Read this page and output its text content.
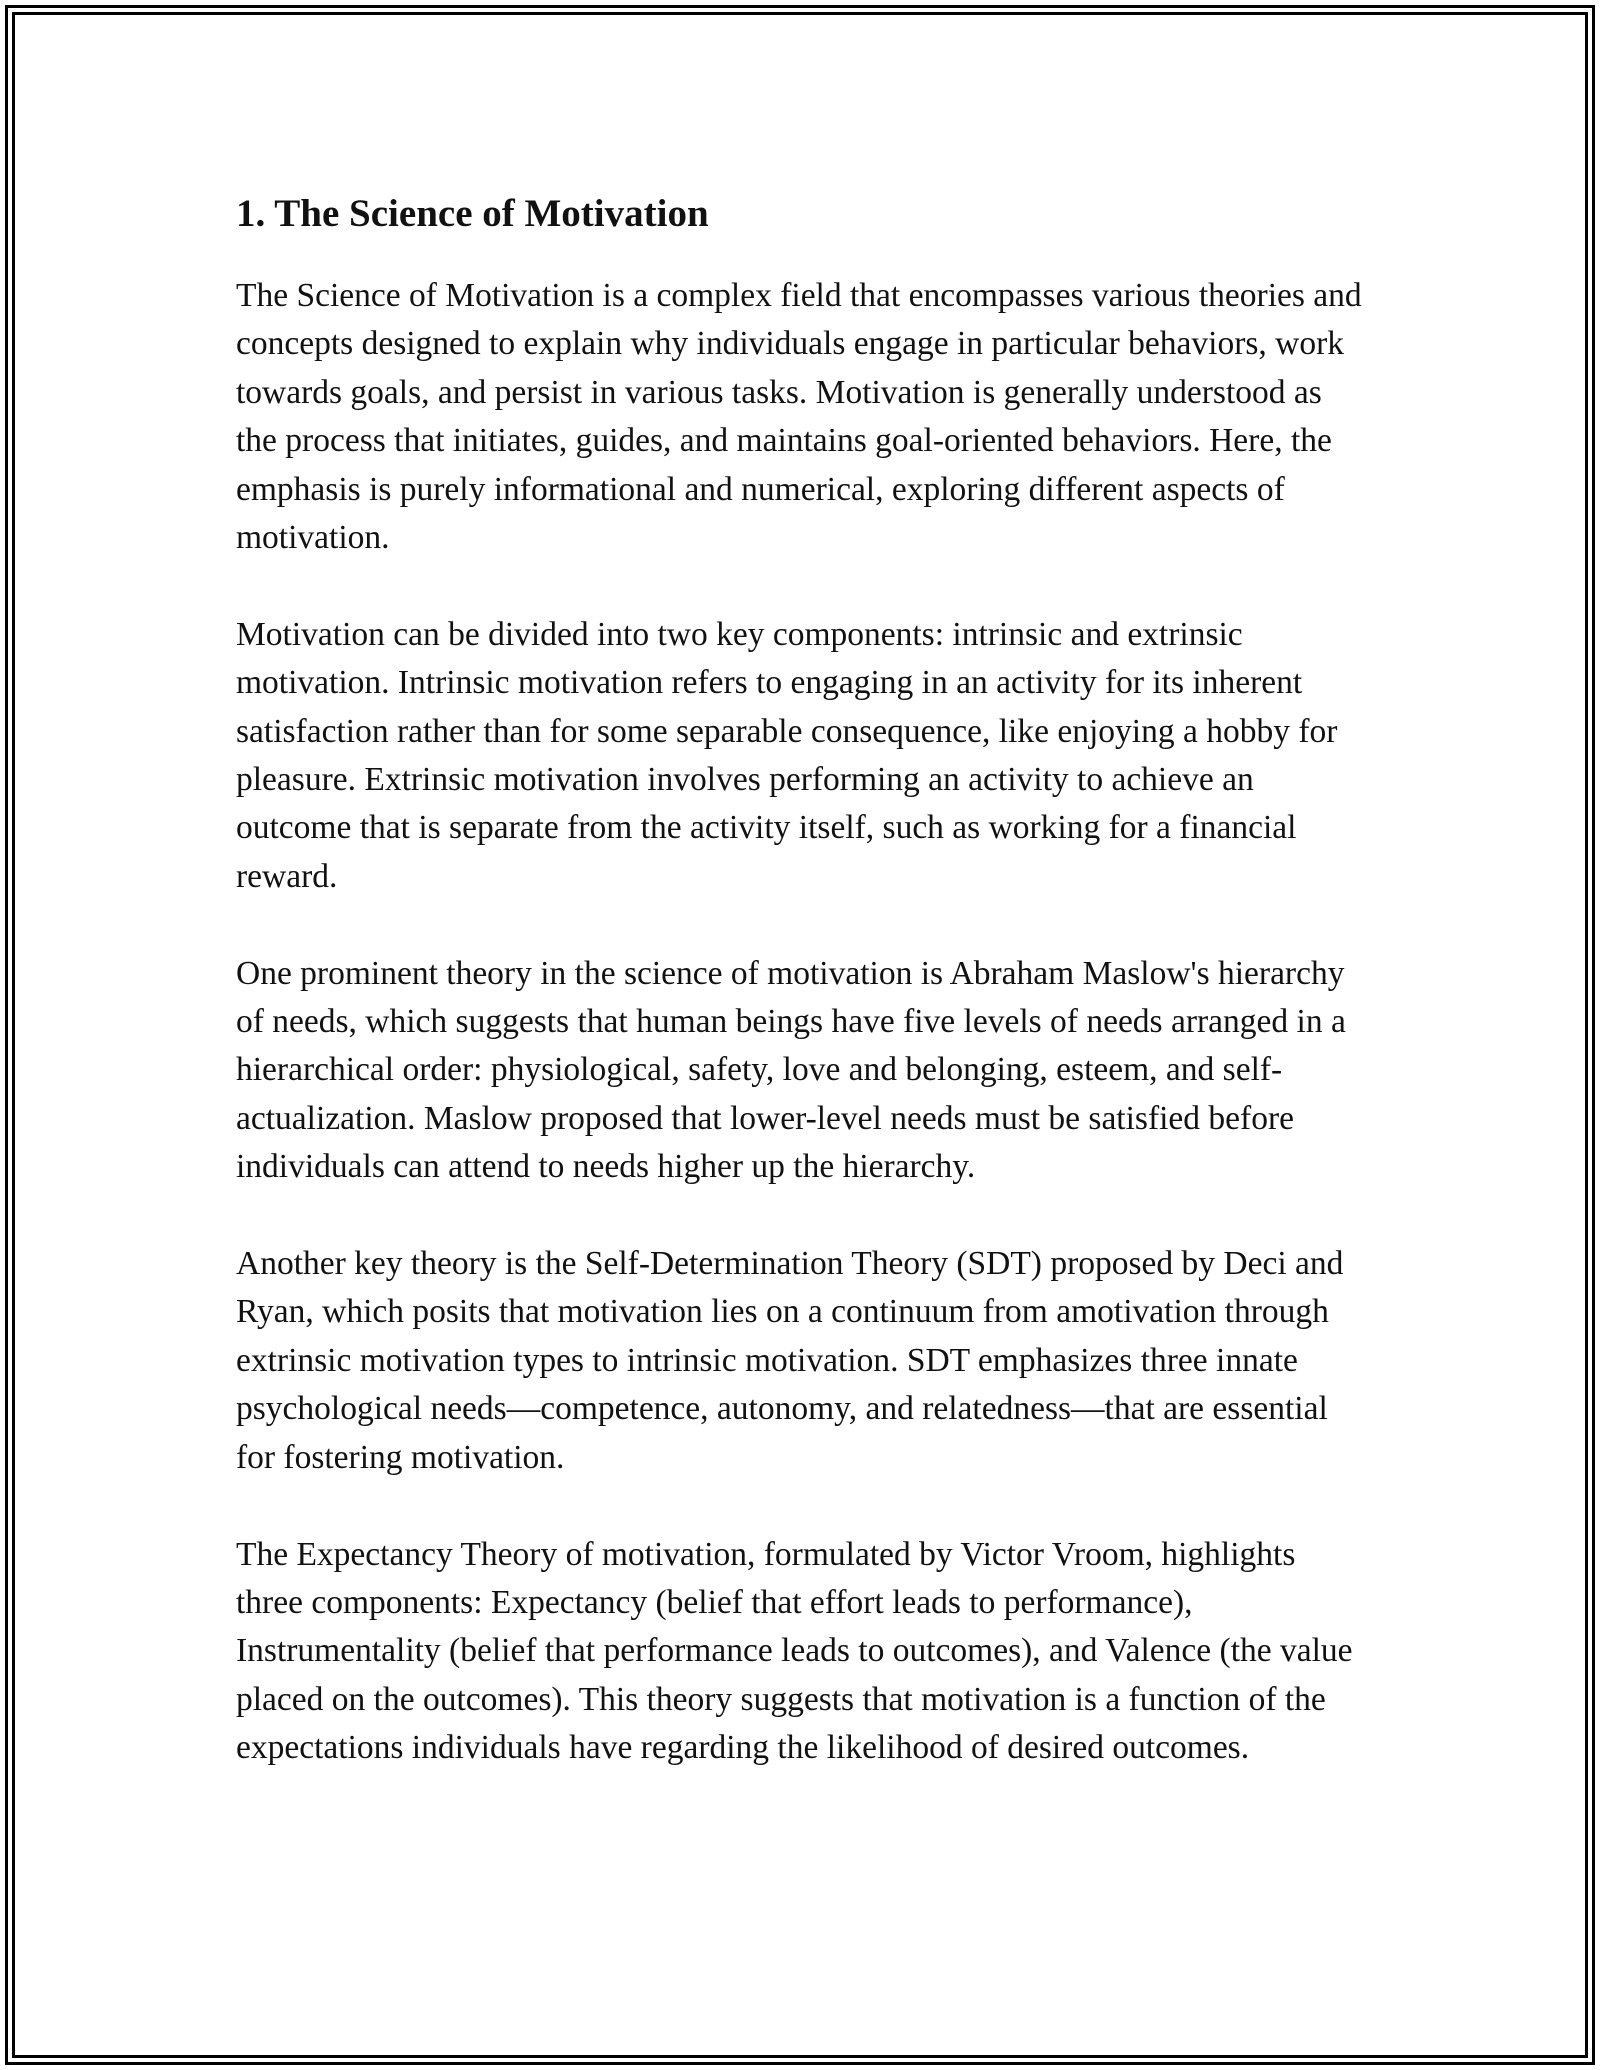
1. The Science of Motivation

The Science of Motivation is a complex field that encompasses various theories and concepts designed to explain why individuals engage in particular behaviors, work towards goals, and persist in various tasks. Motivation is generally understood as the process that initiates, guides, and maintains goal-oriented behaviors. Here, the emphasis is purely informational and numerical, exploring different aspects of motivation.

Motivation can be divided into two key components: intrinsic and extrinsic motivation. Intrinsic motivation refers to engaging in an activity for its inherent satisfaction rather than for some separable consequence, like enjoying a hobby for pleasure. Extrinsic motivation involves performing an activity to achieve an outcome that is separate from the activity itself, such as working for a financial reward.

One prominent theory in the science of motivation is Abraham Maslow's hierarchy of needs, which suggests that human beings have five levels of needs arranged in a hierarchical order: physiological, safety, love and belonging, esteem, and self-actualization. Maslow proposed that lower-level needs must be satisfied before individuals can attend to needs higher up the hierarchy.

Another key theory is the Self-Determination Theory (SDT) proposed by Deci and Ryan, which posits that motivation lies on a continuum from amotivation through extrinsic motivation types to intrinsic motivation. SDT emphasizes three innate psychological needs—competence, autonomy, and relatedness—that are essential for fostering motivation.

The Expectancy Theory of motivation, formulated by Victor Vroom, highlights three components: Expectancy (belief that effort leads to performance), Instrumentality (belief that performance leads to outcomes), and Valence (the value placed on the outcomes). This theory suggests that motivation is a function of the expectations individuals have regarding the likelihood of desired outcomes.
